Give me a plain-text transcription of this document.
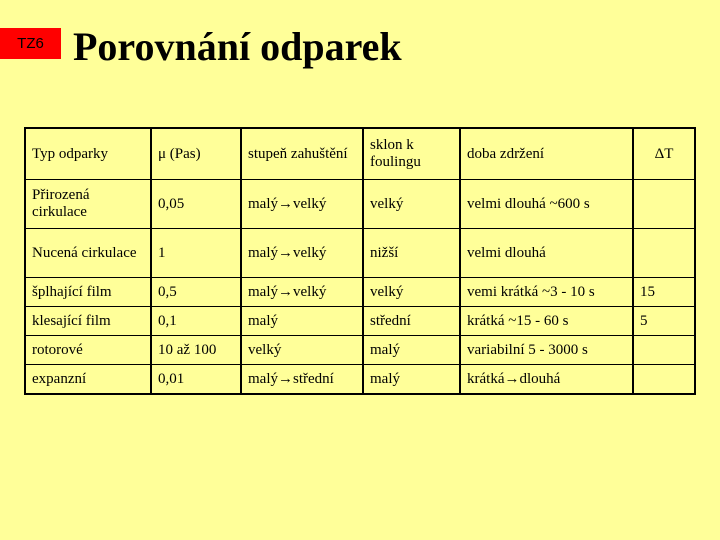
TZ6 Porovnání odparek
Typ odparky	μ (Pas)	stupeň zahuštění	sklon k foulingu	doba zdržení	ΔT
Přirozená cirkulace	0,05	malý→velký	velký	velmi dlouhá ~600 s	
Nucená cirkulace	1	malý→velký	nižší	velmi dlouhá	
šplhající film	0,5	malý→velký	velký	vemi krátká ~3 - 10 s	15
klesající film	0,1	malý	střední	krátká ~15 - 60 s	5
rotorové	10 až 100	velký	malý	variabilní 5 - 3000 s	
expanzní	0,01	malý→střední	malý	krátká→dlouhá	
